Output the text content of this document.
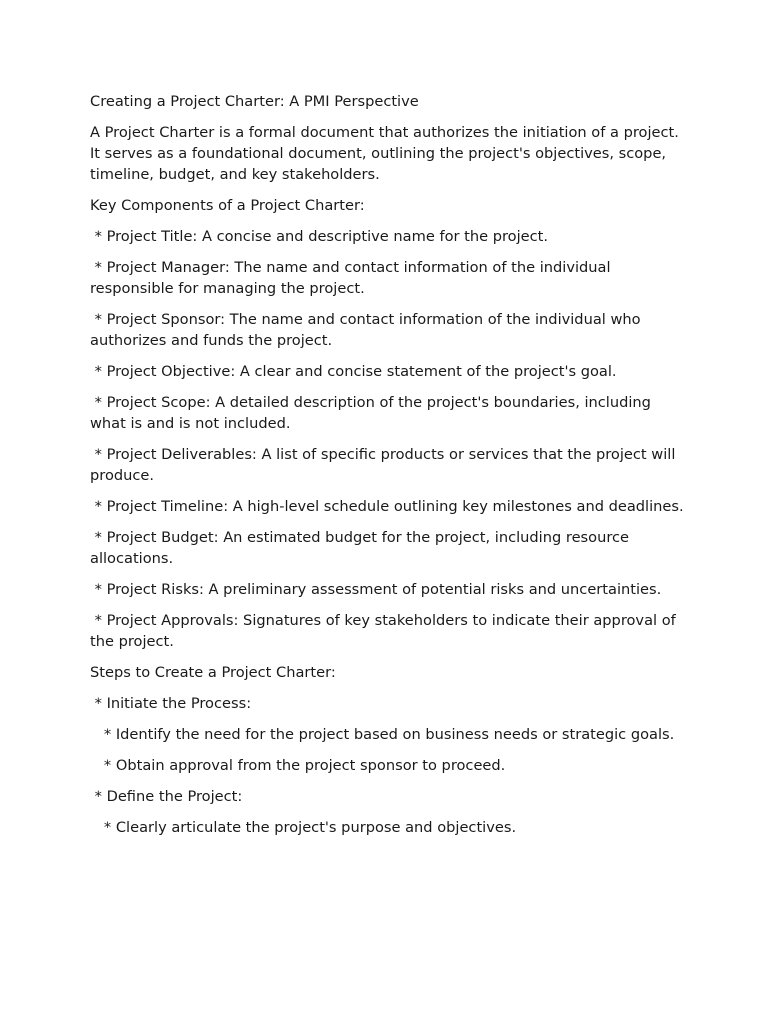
Creating a Project Charter: A PMI Perspective

A Project Charter is a formal document that authorizes the initiation of a project. It serves as a foundational document, outlining the project's objectives, scope, timeline, budget, and key stakeholders.

Key Components of a Project Charter:

* Project Title: A concise and descriptive name for the project.

* Project Manager: The name and contact information of the individual responsible for managing the project.

* Project Sponsor: The name and contact information of the individual who authorizes and funds the project.

* Project Objective: A clear and concise statement of the project's goal.

* Project Scope: A detailed description of the project's boundaries, including what is and is not included.

* Project Deliverables: A list of specific products or services that the project will produce.

* Project Timeline: A high-level schedule outlining key milestones and deadlines.

* Project Budget: An estimated budget for the project, including resource allocations.

* Project Risks: A preliminary assessment of potential risks and uncertainties.

* Project Approvals: Signatures of key stakeholders to indicate their approval of the project.

Steps to Create a Project Charter:

* Initiate the Process:

* Identify the need for the project based on business needs or strategic goals.

* Obtain approval from the project sponsor to proceed.

* Define the Project:

* Clearly articulate the project's purpose and objectives.
